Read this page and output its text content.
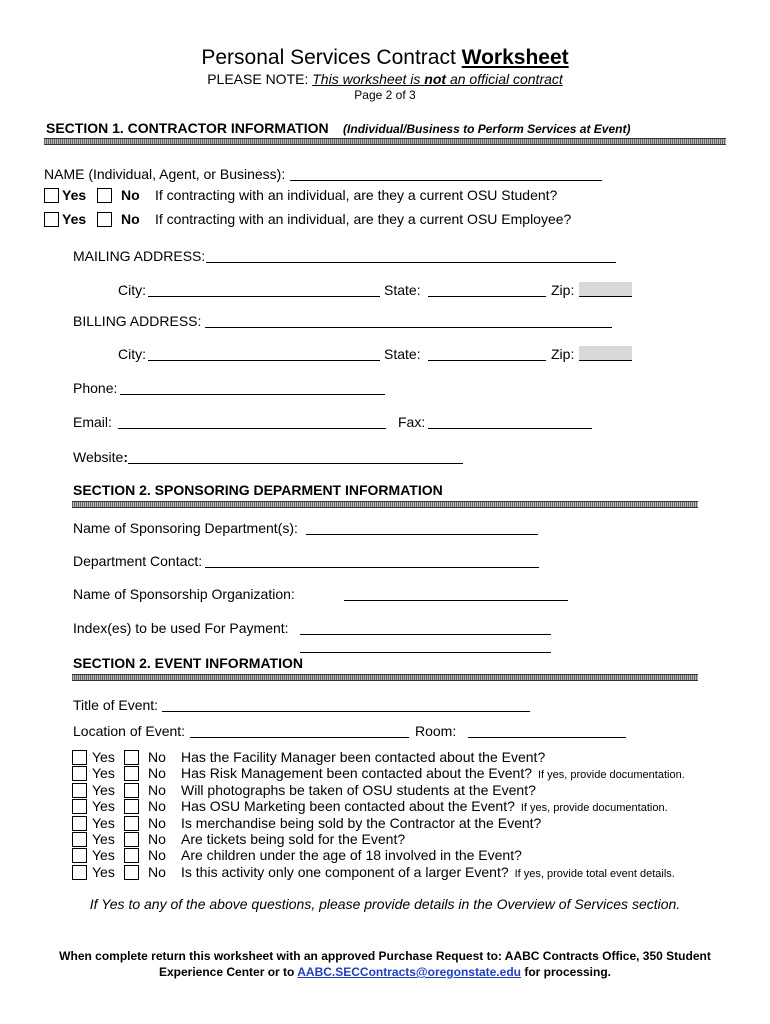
Personal Services Contract Worksheet
PLEASE NOTE: This worksheet is not an official contract
Page 2 of 3
SECTION 1. CONTRACTOR INFORMATION (Individual/Business to Perform Services at Event)
NAME (Individual, Agent, or Business):
Yes No If contracting with an individual, are they a current OSU Student?
Yes No If contracting with an individual, are they a current OSU Employee?
MAILING ADDRESS:
City:	State:	Zip:
BILLING ADDRESS:
City:	State:	Zip:
Phone:
Email:	Fax:
Website:
SECTION 2. SPONSORING DEPARMENT INFORMATION
Name of Sponsoring Department(s):
Department Contact:
Name of Sponsorship Organization:
Index(es) to be used For Payment:
SECTION 2. EVENT INFORMATION
Title of Event:
Location of Event:	Room:
Yes No Has the Facility Manager been contacted about the Event?
Yes No Has Risk Management been contacted about the Event? If yes, provide documentation.
Yes No Will photographs be taken of OSU students at the Event?
Yes No Has OSU Marketing been contacted about the Event? If yes, provide documentation.
Yes No Is merchandise being sold by the Contractor at the Event?
Yes No Are tickets being sold for the Event?
Yes No Are children under the age of 18 involved in the Event?
Yes No Is this activity only one component of a larger Event? If yes, provide total event details.
If Yes to any of the above questions, please provide details in the Overview of Services section.
When complete return this worksheet with an approved Purchase Request to: AABC Contracts Office, 350 Student Experience Center or to AABC.SECContracts@oregonstate.edu for processing.
